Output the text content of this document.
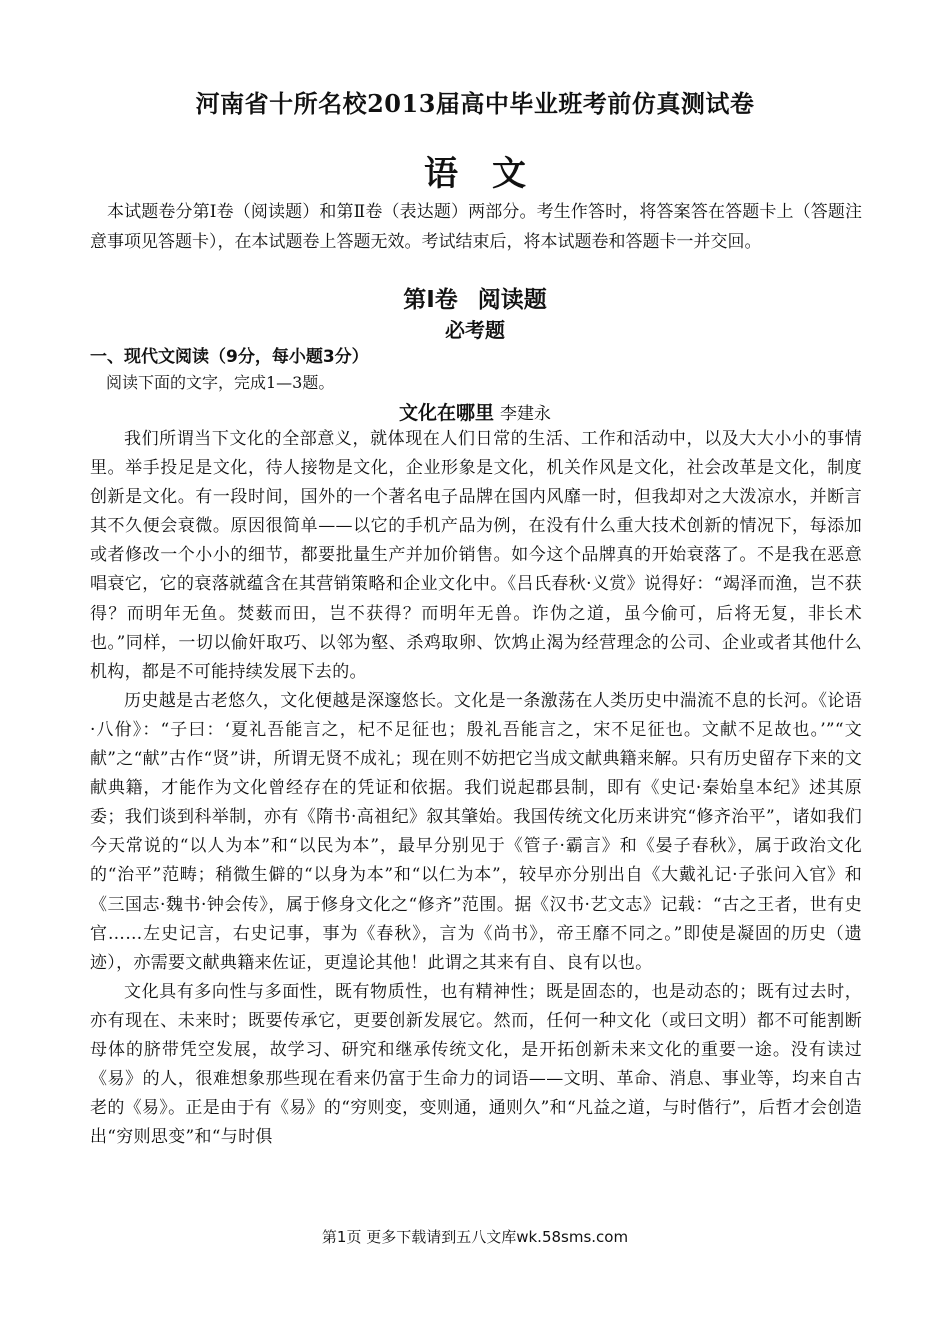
河南省十所名校2013届高中毕业班考前仿真测试卷
语文
本试题卷分第Ⅰ卷（阅读题）和第Ⅱ卷（表达题）两部分。考生作答时，将答案答在答题卡上（答题注意事项见答题卡），在本试题卷上答题无效。考试结束后，将本试题卷和答题卡一并交回。
第Ⅰ卷 阅读题
必考题
一、现代文阅读（9分，每小题3分）
阅读下面的文字，完成1—3题。
文化在哪里 李建永

我们所谓当下文化的全部意义，就体现在人们日常的生活、工作和活动中，以及大大小小的事情里。举手投足是文化，待人接物是文化，企业形象是文化，机关作风是文化，社会改革是文化，制度创新是文化。有一段时间，国外的一个著名电子品牌在国内风靡一时，但我却对之大泼凉水，并断言其不久便会衰微。原因很简单——以它的手机产品为例，在没有什么重大技术创新的情况下，每添加或者修改一个小小的细节，都要批量生产并加价销售。如今这个品牌真的开始衰落了。不是我在恶意唱衰它，它的衰落就蕴含在其营销策略和企业文化中。《吕氏春秋·义赏》说得好：“竭泽而渔，岂不获得？而明年无鱼。焚薮而田，岂不获得？而明年无兽。诈伪之道，虽今偷可，后将无复，非长术也。”同样，一切以偷奸取巧、以邻为壑、杀鸡取卵、饮鸩止渴为经营理念的公司、企业或者其他什么机构，都是不可能持续发展下去的。

历史越是古老悠久，文化便越是深邃悠长。文化是一条激荡在人类历史中湍流不息的长河。《论语·八佾》：“子曰：‘夏礼吾能言之，杞不足征也；殷礼吾能言之，宋不足征也。文献不足故也。’”“文献”之“献”古作“贤”讲，所谓无贤不成礼；现在则不妨把它当成文献典籍来解。只有历史留存下来的文献典籍，才能作为文化曾经存在的凭证和依据。我们说起郡县制，即有《史记·秦始皇本纪》述其原委；我们谈到科举制，亦有《隋书·高祖纪》叙其肇始。我国传统文化历来讲究“修齐治平”，诸如我们今天常说的“以人为本”和“以民为本”，最早分别见于《管子·霸言》和《晏子春秋》，属于政治文化的“治平”范畴；稍微生僻的“以身为本”和“以仁为本”，较早亦分别出自《大戴礼记·子张问入官》和《三国志·魏书·钟会传》，属于修身文化之“修齐”范围。据《汉书·艺文志》记载：“古之王者，世有史官……左史记言，右史记事，事为《春秋》，言为《尚书》，帝王靡不同之。”即使是凝固的历史（遗迹），亦需要文献典籍来佐证，更遑论其他！此谓之其来有自、良有以也。

文化具有多向性与多面性，既有物质性，也有精神性；既是固态的，也是动态的；既有过去时，亦有现在、未来时；既要传承它，更要创新发展它。然而，任何一种文化（或曰文明）都不可能割断母体的脐带凭空发展，故学习、研究和继承传统文化，是开拓创新未来文化的重要一途。没有读过《易》的人，很难想象那些现在看来仍富于生命力的词语——文明、革命、消息、事业等，均来自古老的《易》。正是由于有《易》的“穷则变，变则通，通则久”和“凡益之道，与时偕行”，后哲才会创造出“穷则思变”和“与时俱

第1页 更多下载请到五八文库wk.58sms.com
